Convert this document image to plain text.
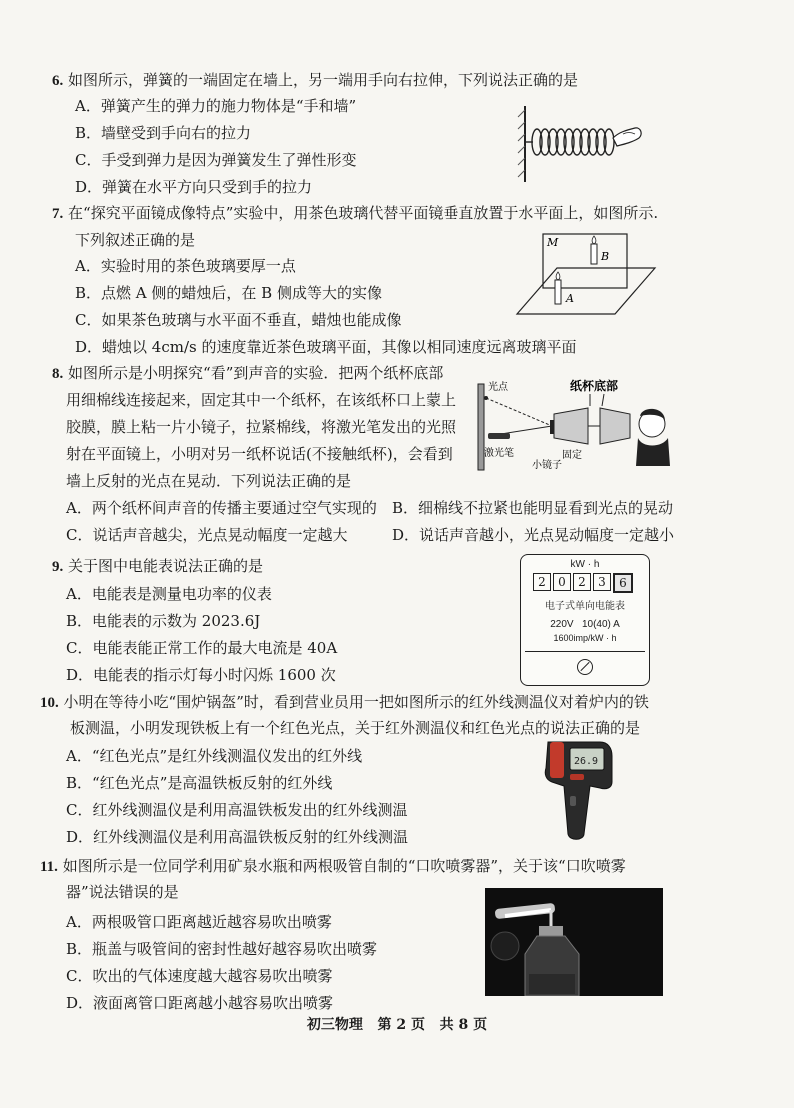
6. 如图所示，弹簧的一端固定在墙上，另一端用手向右拉伸，下列说法正确的是
A．弹簧产生的弹力的施力物体是“手和墙”
B．墙壁受到手向右的拉力
C．手受到弹力是因为弹簧发生了弹性形变
D．弹簧在水平方向只受到手的拉力
7. 在“探究平面镜成像特点”实验中，用茶色玻璃代替平面镜垂直放置于水平面上，如图所示.
下列叙述正确的是
A．实验时用的茶色玻璃要厚一点
B．点燃 A 侧的蜡烛后，在 B 侧成等大的实像
C．如果茶色玻璃与水平面不垂直，蜡烛也能成像
D．蜡烛以 4cm/s 的速度靠近茶色玻璃平面，其像以相同速度远离玻璃平面
M
A
B
8. 如图所示是小明探究“看”到声音的实验．把两个纸杯底部
用细棉线连接起来，固定其中一个纸杯，在该纸杯口上蒙上
胶膜，膜上粘一片小镜子，拉紧棉线，将激光笔发出的光照
射在平面镜上，小明对另一纸杯说话(不接触纸杯)，会看到
墙上反射的光点在晃动．下列说法正确的是
A．两个纸杯间声音的传播主要通过空气实现的 B．细棉线不拉紧也能明显看到光点的晃动
C．说话声音越尖，光点晃动幅度一定越大	D．说话声音越小，光点晃动幅度一定越小
光点
激光笔
小镜子
固定
纸杯底部
9. 关于图中电能表说法正确的是
A．电能表是测量电功率的仪表
B．电能表的示数为 2023.6J
C．电能表能正常工作的最大电流是 40A
D．电能表的指示灯每小时闪烁 1600 次
kW · h
2	0	2	3	6
电子式单向电能表
220V   10(40) A
1600imp/kW · h
10. 小明在等待小吃“围炉锅盔”时，看到营业员用一把如图所示的红外线测温仪对着炉内的铁
板测温，小明发现铁板上有一个红色光点，关于红外测温仪和红色光点的说法正确的是
A．“红色光点”是红外线测温仪发出的红外线
B．“红色光点”是高温铁板反射的红外线
C．红外线测温仪是利用高温铁板发出的红外线测温
D．红外线测温仪是利用高温铁板反射的红外线测温
26.9
11. 如图所示是一位同学利用矿泉水瓶和两根吸管自制的“口吹喷雾器”，关于该“口吹喷雾
器”说法错误的是
A．两根吸管口距离越近越容易吹出喷雾
B．瓶盖与吸管间的密封性越好越容易吹出喷雾
C．吹出的气体速度越大越容易吹出喷雾
D．液面离管口距离越小越容易吹出喷雾
初三物理   第 2 页   共 8 页
